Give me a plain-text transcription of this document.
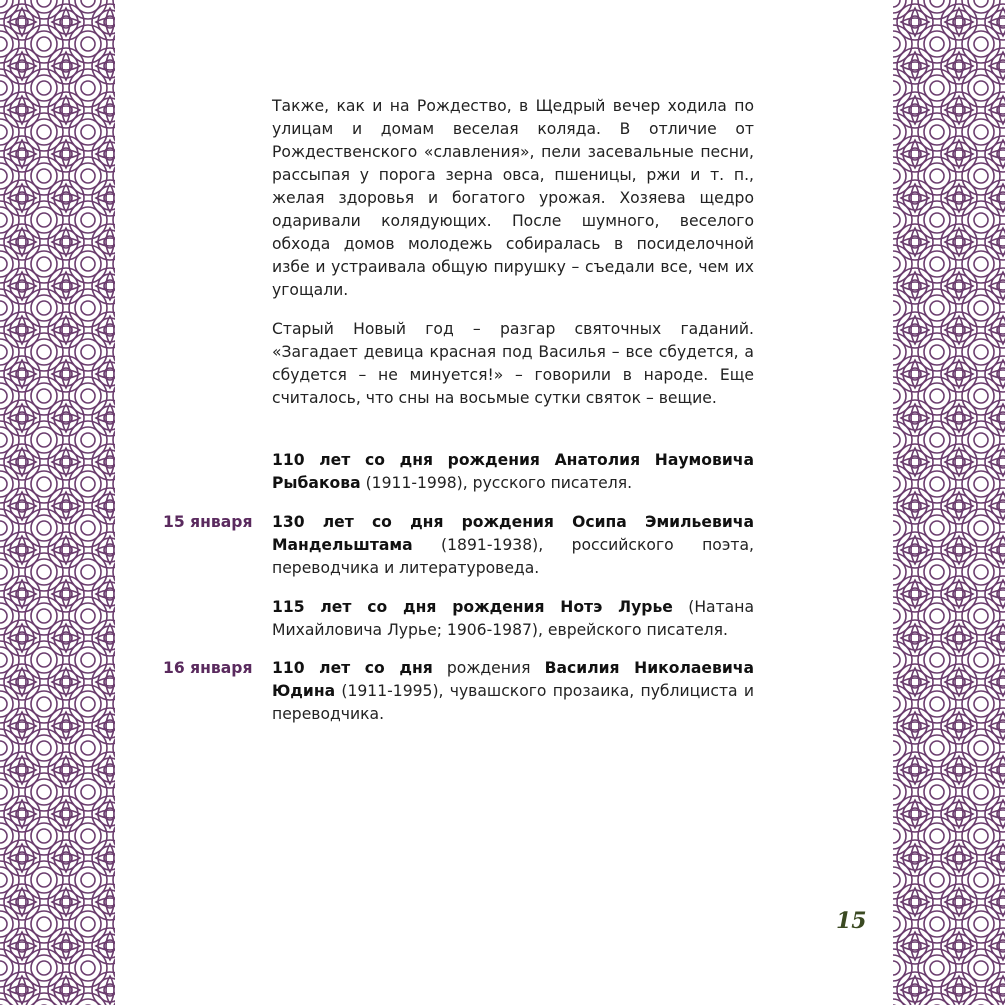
Также, как и на Рождество, в Щедрый вечер ходила по улицам и домам веселая коляда. В отличие от Рождественского «славления», пели засевальные песни, рассыпая у порога зерна овса, пшеницы, ржи и т. п., желая здоровья и богатого урожая. Хозяева щедро одаривали колядующих. После шумного, веселого обхода домов молодежь собиралась в посиделочной избе и устраивала общую пирушку – съедали все, чем их угощали.

Старый Новый год – разгар святочных гаданий. «Загадает девица красная под Василья – все сбудется, а сбудется – не минуется!» – говорили в народе. Еще считалось, что сны на восьмые сутки святок – вещие.

110 лет со дня рождения Анатолия Наумовича Рыбакова (1911-1998), русского писателя.

15 января	130 лет со дня рождения Осипа Эмильевича Мандельштама (1891-1938), российского поэта, переводчика и литературоведа.

115 лет со дня рождения Нотэ Лурье (Натана Михайловича Лурье; 1906-1987), еврейского писателя.

16 января	110 лет со дня рождения Василия Николаевича Юдина (1911-1995), чувашского прозаика, публициста и переводчика.

15
